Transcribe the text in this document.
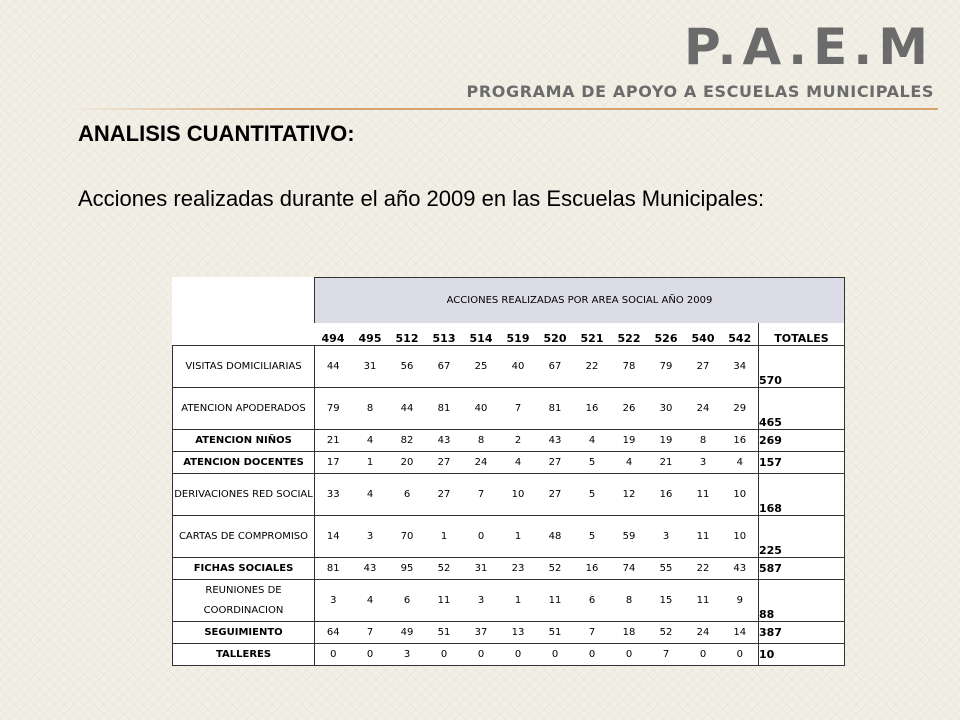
P.A.E.M
PROGRAMA DE APOYO A ESCUELAS MUNICIPALES
ANALISIS CUANTITATIVO:

Acciones realizadas durante el año 2009 en las Escuelas Municipales:

	ACCIONES REALIZADAS POR AREA SOCIAL AÑO 2009												
	494	495	512	513	514	519	520	521	522	526	540	542	TOTALES
VISITAS DOMICILIARIAS	44	31	56	67	25	40	67	22	78	79	27	34	570
ATENCION APODERADOS	79	8	44	81	40	7	81	16	26	30	24	29	465
ATENCION NIÑOS	21	4	82	43	8	2	43	4	19	19	8	16	269
ATENCION DOCENTES	17	1	20	27	24	4	27	5	4	21	3	4	157
DERIVACIONES RED SOCIAL	33	4	6	27	7	10	27	5	12	16	11	10	168
CARTAS DE COMPROMISO	14	3	70	1	0	1	48	5	59	3	11	10	225
FICHAS SOCIALES	81	43	95	52	31	23	52	16	74	55	22	43	587
REUNIONES DE COORDINACION	3	4	6	11	3	1	11	6	8	15	11	9	88
SEGUIMIENTO	64	7	49	51	37	13	51	7	18	52	24	14	387
TALLERES	0	0	3	0	0	0	0	0	0	7	0	0	10
